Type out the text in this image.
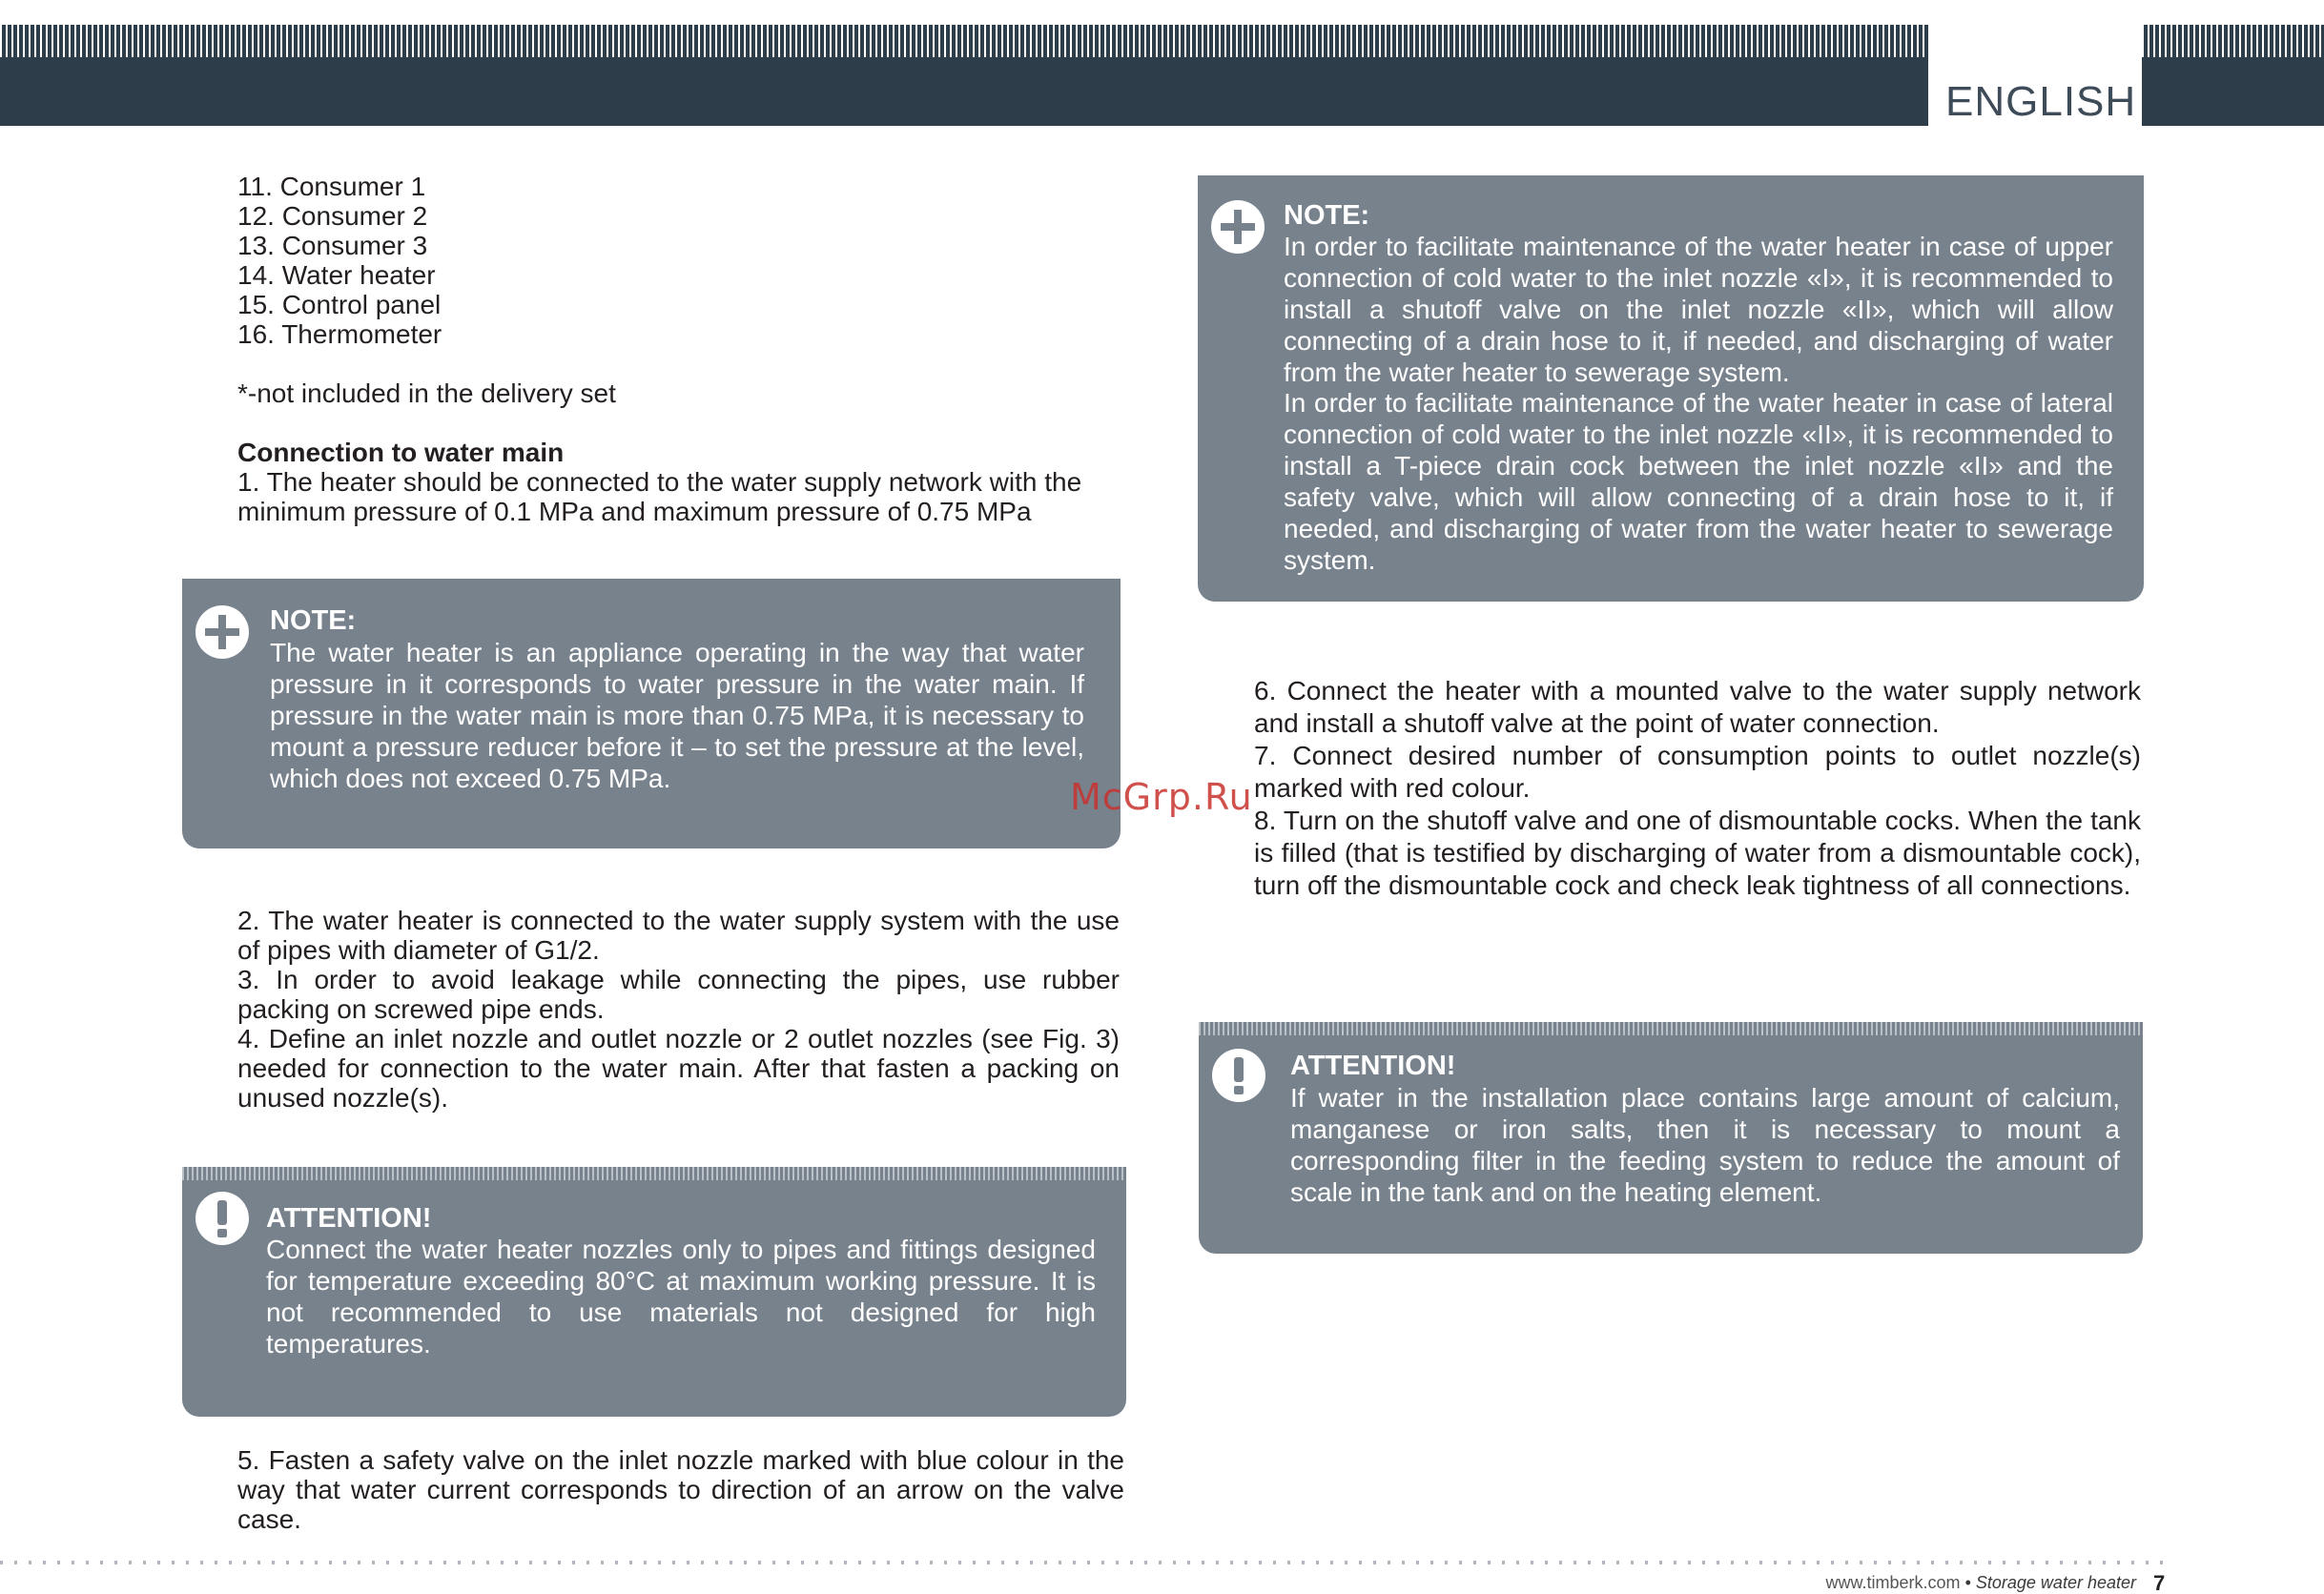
ENGLISH

11. Consumer 1

12. Consumer 2

13. Consumer 3

14. Water heater

15. Control panel

16. Thermometer

*-not included in the delivery set
Connection to water main

1. The heater should be connected to the water supply network with the

minimum pressure of 0.1 MPa and maximum pressure of 0.75 MPa

NOTE:
The water heater is an appliance operating in the way that water pressure in it corresponds to water pressure in the water main. If pressure in the water main is more than 0.75 MPa, it is necessary to mount a pressure reducer before it – to set the pressure at the level, which does not exceed 0.75 MPa.

2. The water heater is connected to the water supply system with the use of pipes with diameter of G1/2.

3. In order to avoid leakage while connecting the pipes, use rubber packing on screwed pipe ends.

4. Define an inlet nozzle and outlet nozzle or 2 outlet nozzles (see Fig. 3) needed for connection to the water main. After that fasten a packing on unused nozzle(s).

ATTENTION!
Connect the water heater nozzles only to pipes and fittings designed for temperature exceeding 80°C at maximum working pressure. It is not recommended to use materials not designed for high temperatures.
5. Fasten a safety valve on the inlet nozzle marked with blue colour in the way that water current corresponds to direction of an arrow on the valve case.
NOTE:
In order to facilitate maintenance of the water heater in case of upper connection of cold water to the inlet nozzle «I», it is recommended to install a shutoff valve on the inlet nozzle «II», which will allow connecting of a drain hose to it, if needed, and discharging of water from the water heater to sewerage system.
In order to facilitate maintenance of the water heater in case of lateral connection of cold water to the inlet nozzle «II», it is recommended to install a T-piece drain cock between the inlet nozzle «II» and the safety valve, which will allow connecting of a drain hose to it, if needed, and discharging of water from the water heater to sewerage system.

6. Connect the heater with a mounted valve to the water supply network and install a shutoff valve at the point of water connection.

7. Connect desired number of consumption points to outlet nozzle(s) marked with red colour.

8. Turn on the shutoff valve and one of dismountable cocks. When the tank is filled (that is testified by discharging of water from a dismountable cock), turn off the dismountable cock and check leak tightness of all connections.

ATTENTION!
If water in the installation place contains large amount of calcium, manganese or iron salts, then it is necessary to mount a corresponding filter in the feeding system to reduce the amount of scale in the tank and on the heating element.
McGrp.Ru
www.timberk.com • Storage water heater 7
